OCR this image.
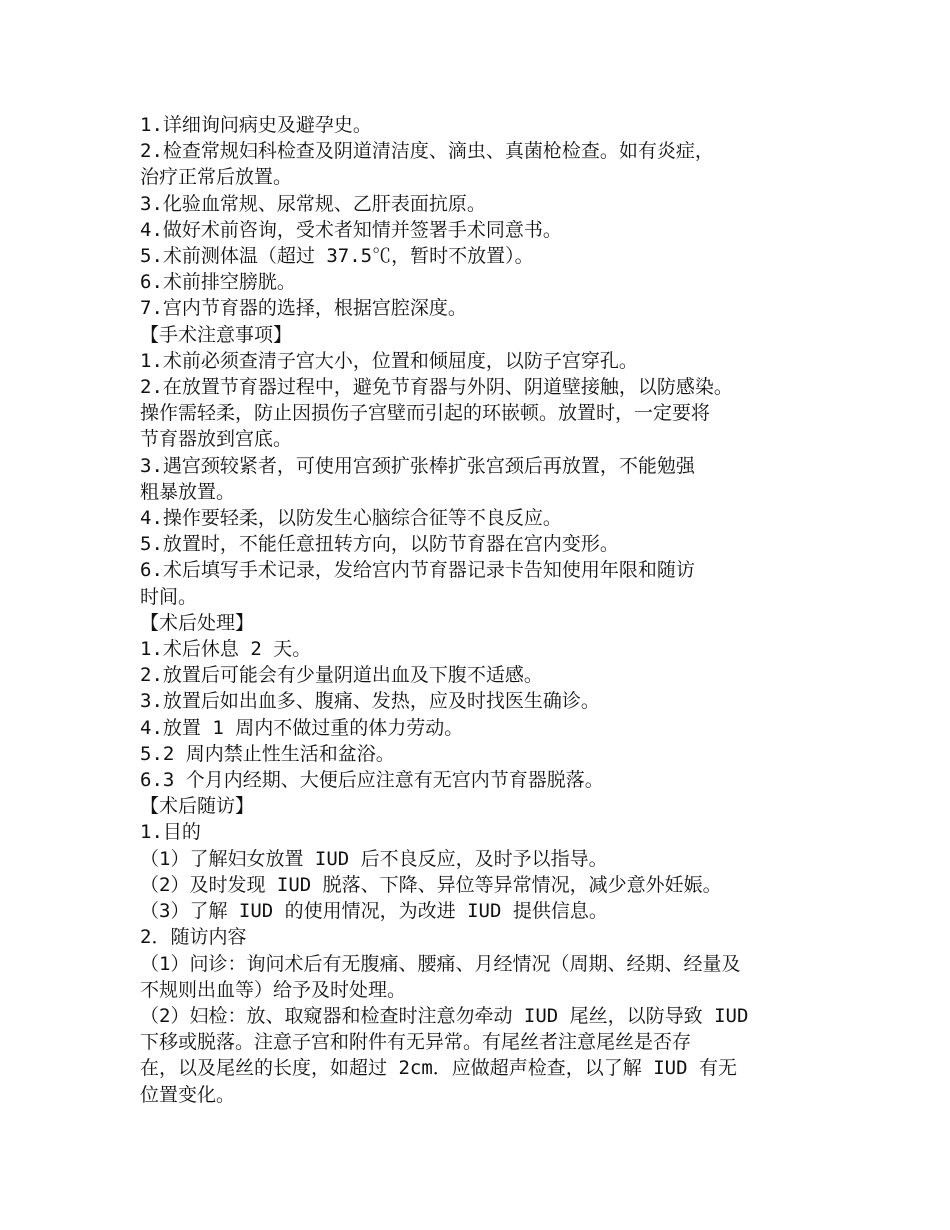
1.详细询问病史及避孕史。
2.检查常规妇科检查及阴道清洁度、滴虫、真菌枪检查。如有炎症，
治疗正常后放置。
3.化验血常规、尿常规、乙肝表面抗原。
4.做好术前咨询，受术者知情并签署手术同意书。
5.术前测体温（超过 37.5℃，暂时不放置）。
6.术前排空膀胱。
7.宫内节育器的选择，根据宫腔深度。
【手术注意事项】
1.术前必须查清子宫大小，位置和倾屈度，以防子宫穿孔。
2.在放置节育器过程中，避免节育器与外阴、阴道壁接触，以防感染。
操作需轻柔，防止因损伤子宫壁而引起的环嵌顿。放置时，一定要将
节育器放到宫底。
3.遇宫颈较紧者，可使用宫颈扩张棒扩张宫颈后再放置，不能勉强
粗暴放置。
4.操作要轻柔，以防发生心脑综合征等不良反应。
5.放置时，不能任意扭转方向，以防节育器在宫内变形。
6.术后填写手术记录，发给宫内节育器记录卡告知使用年限和随访
时间。
【术后处理】
1.术后休息 2 天。
2.放置后可能会有少量阴道出血及下腹不适感。
3.放置后如出血多、腹痛、发热，应及时找医生确诊。
4.放置 1 周内不做过重的体力劳动。
5.2 周内禁止性生活和盆浴。
6.3 个月内经期、大便后应注意有无宫内节育器脱落。
【术后随访】
1.目的
（1）了解妇女放置 IUD 后不良反应，及时予以指导。
（2）及时发现 IUD 脱落、下降、异位等异常情况，减少意外妊娠。
（3）了解 IUD 的使用情况，为改进 IUD 提供信息。
2．随访内容
（1）问诊：询问术后有无腹痛、腰痛、月经情况（周期、经期、经量及
不规则出血等）给予及时处理。
（2）妇检：放、取窥器和检查时注意勿牵动 IUD 尾丝，以防导致 IUD
下移或脱落。注意子宫和附件有无异常。有尾丝者注意尾丝是否存
在，以及尾丝的长度，如超过 2cm．应做超声检查，以了解 IUD 有无
位置变化。
